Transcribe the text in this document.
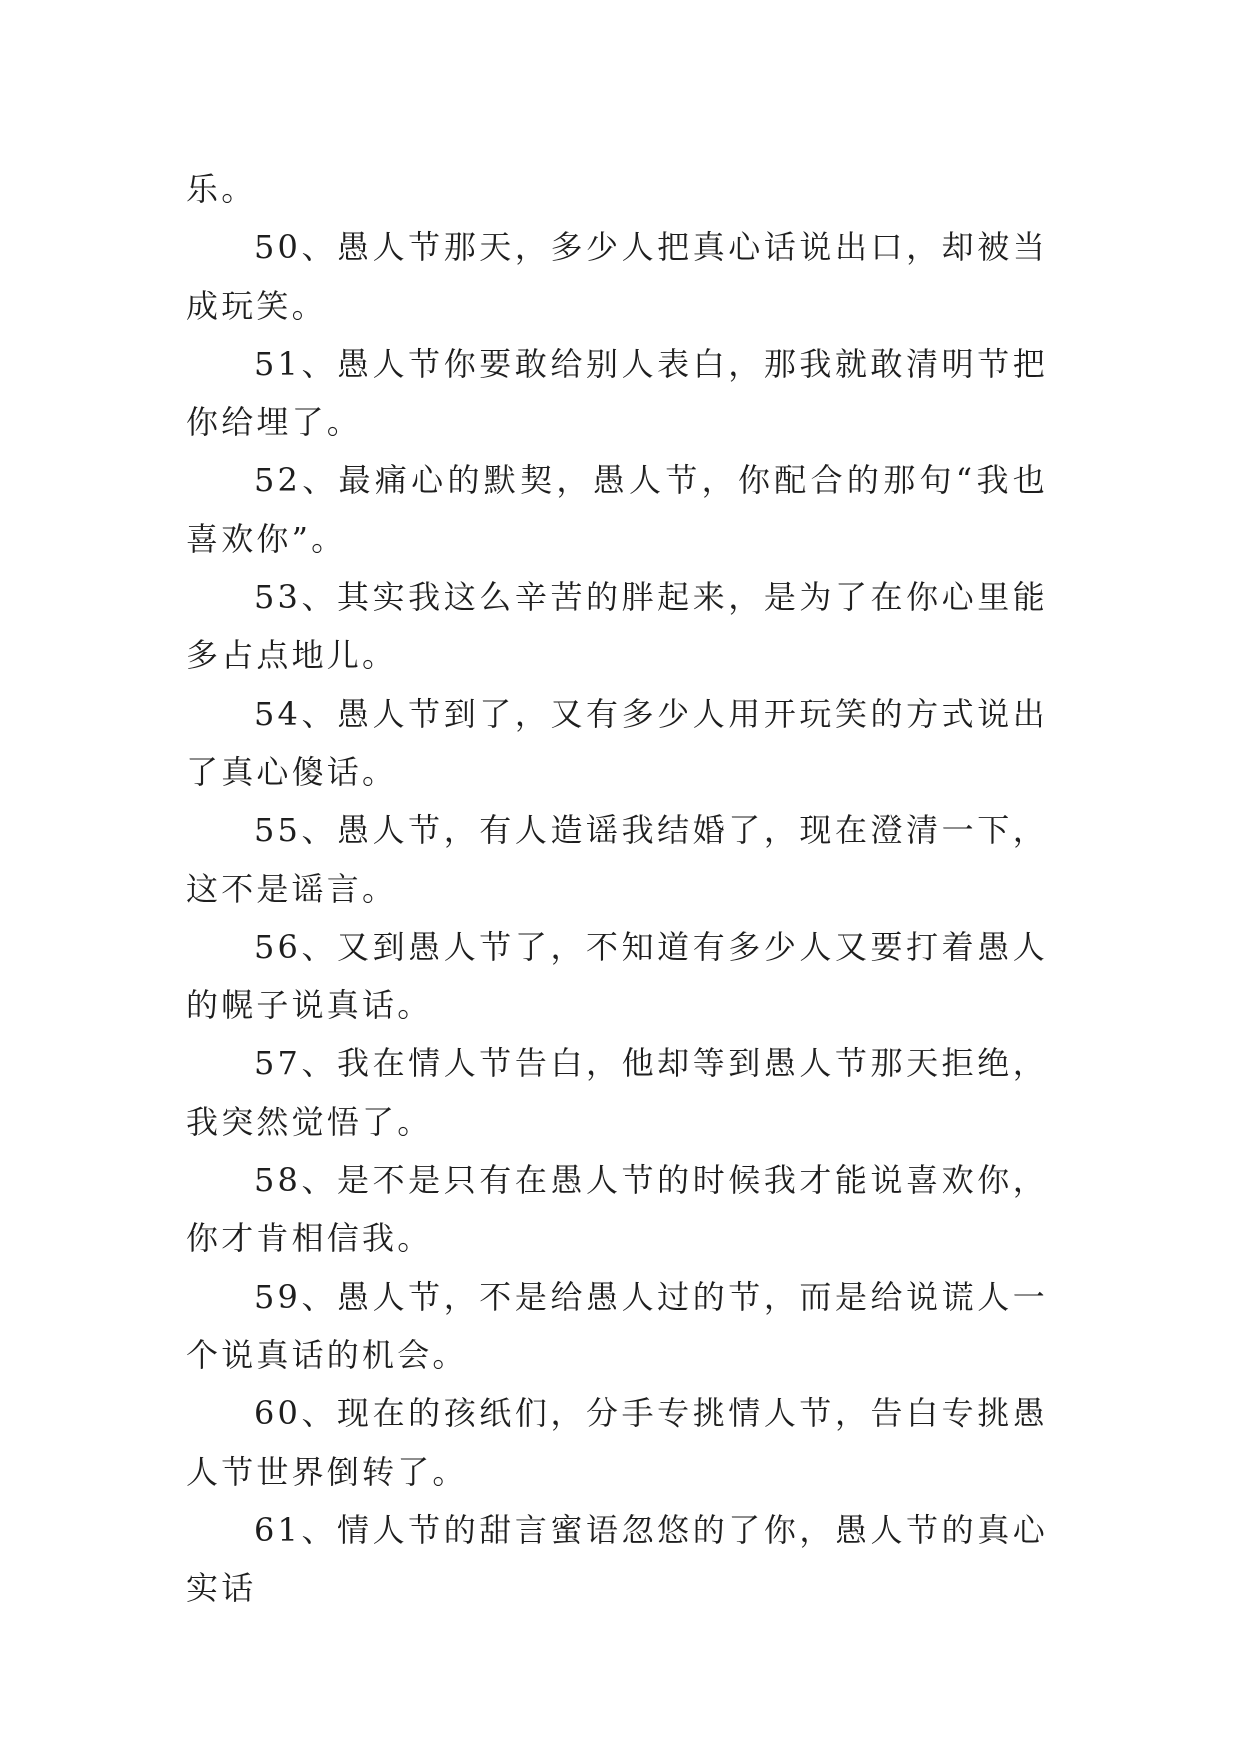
乐。

50、愚人节那天，多少人把真心话说出口，却被当成玩笑。

51、愚人节你要敢给别人表白，那我就敢清明节把你给埋了。

52、最痛心的默契，愚人节，你配合的那句“我也喜欢你”。

53、其实我这么辛苦的胖起来，是为了在你心里能多占点地儿。

54、愚人节到了，又有多少人用开玩笑的方式说出了真心傻话。

55、愚人节，有人造谣我结婚了，现在澄清一下，这不是谣言。

56、又到愚人节了，不知道有多少人又要打着愚人的幌子说真话。

57、我在情人节告白，他却等到愚人节那天拒绝，我突然觉悟了。

58、是不是只有在愚人节的时候我才能说喜欢你，你才肯相信我。

59、愚人节，不是给愚人过的节，而是给说谎人一个说真话的机会。

60、现在的孩纸们，分手专挑情人节，告白专挑愚人节世界倒转了。

61、情人节的甜言蜜语忽悠的了你，愚人节的真心实话
